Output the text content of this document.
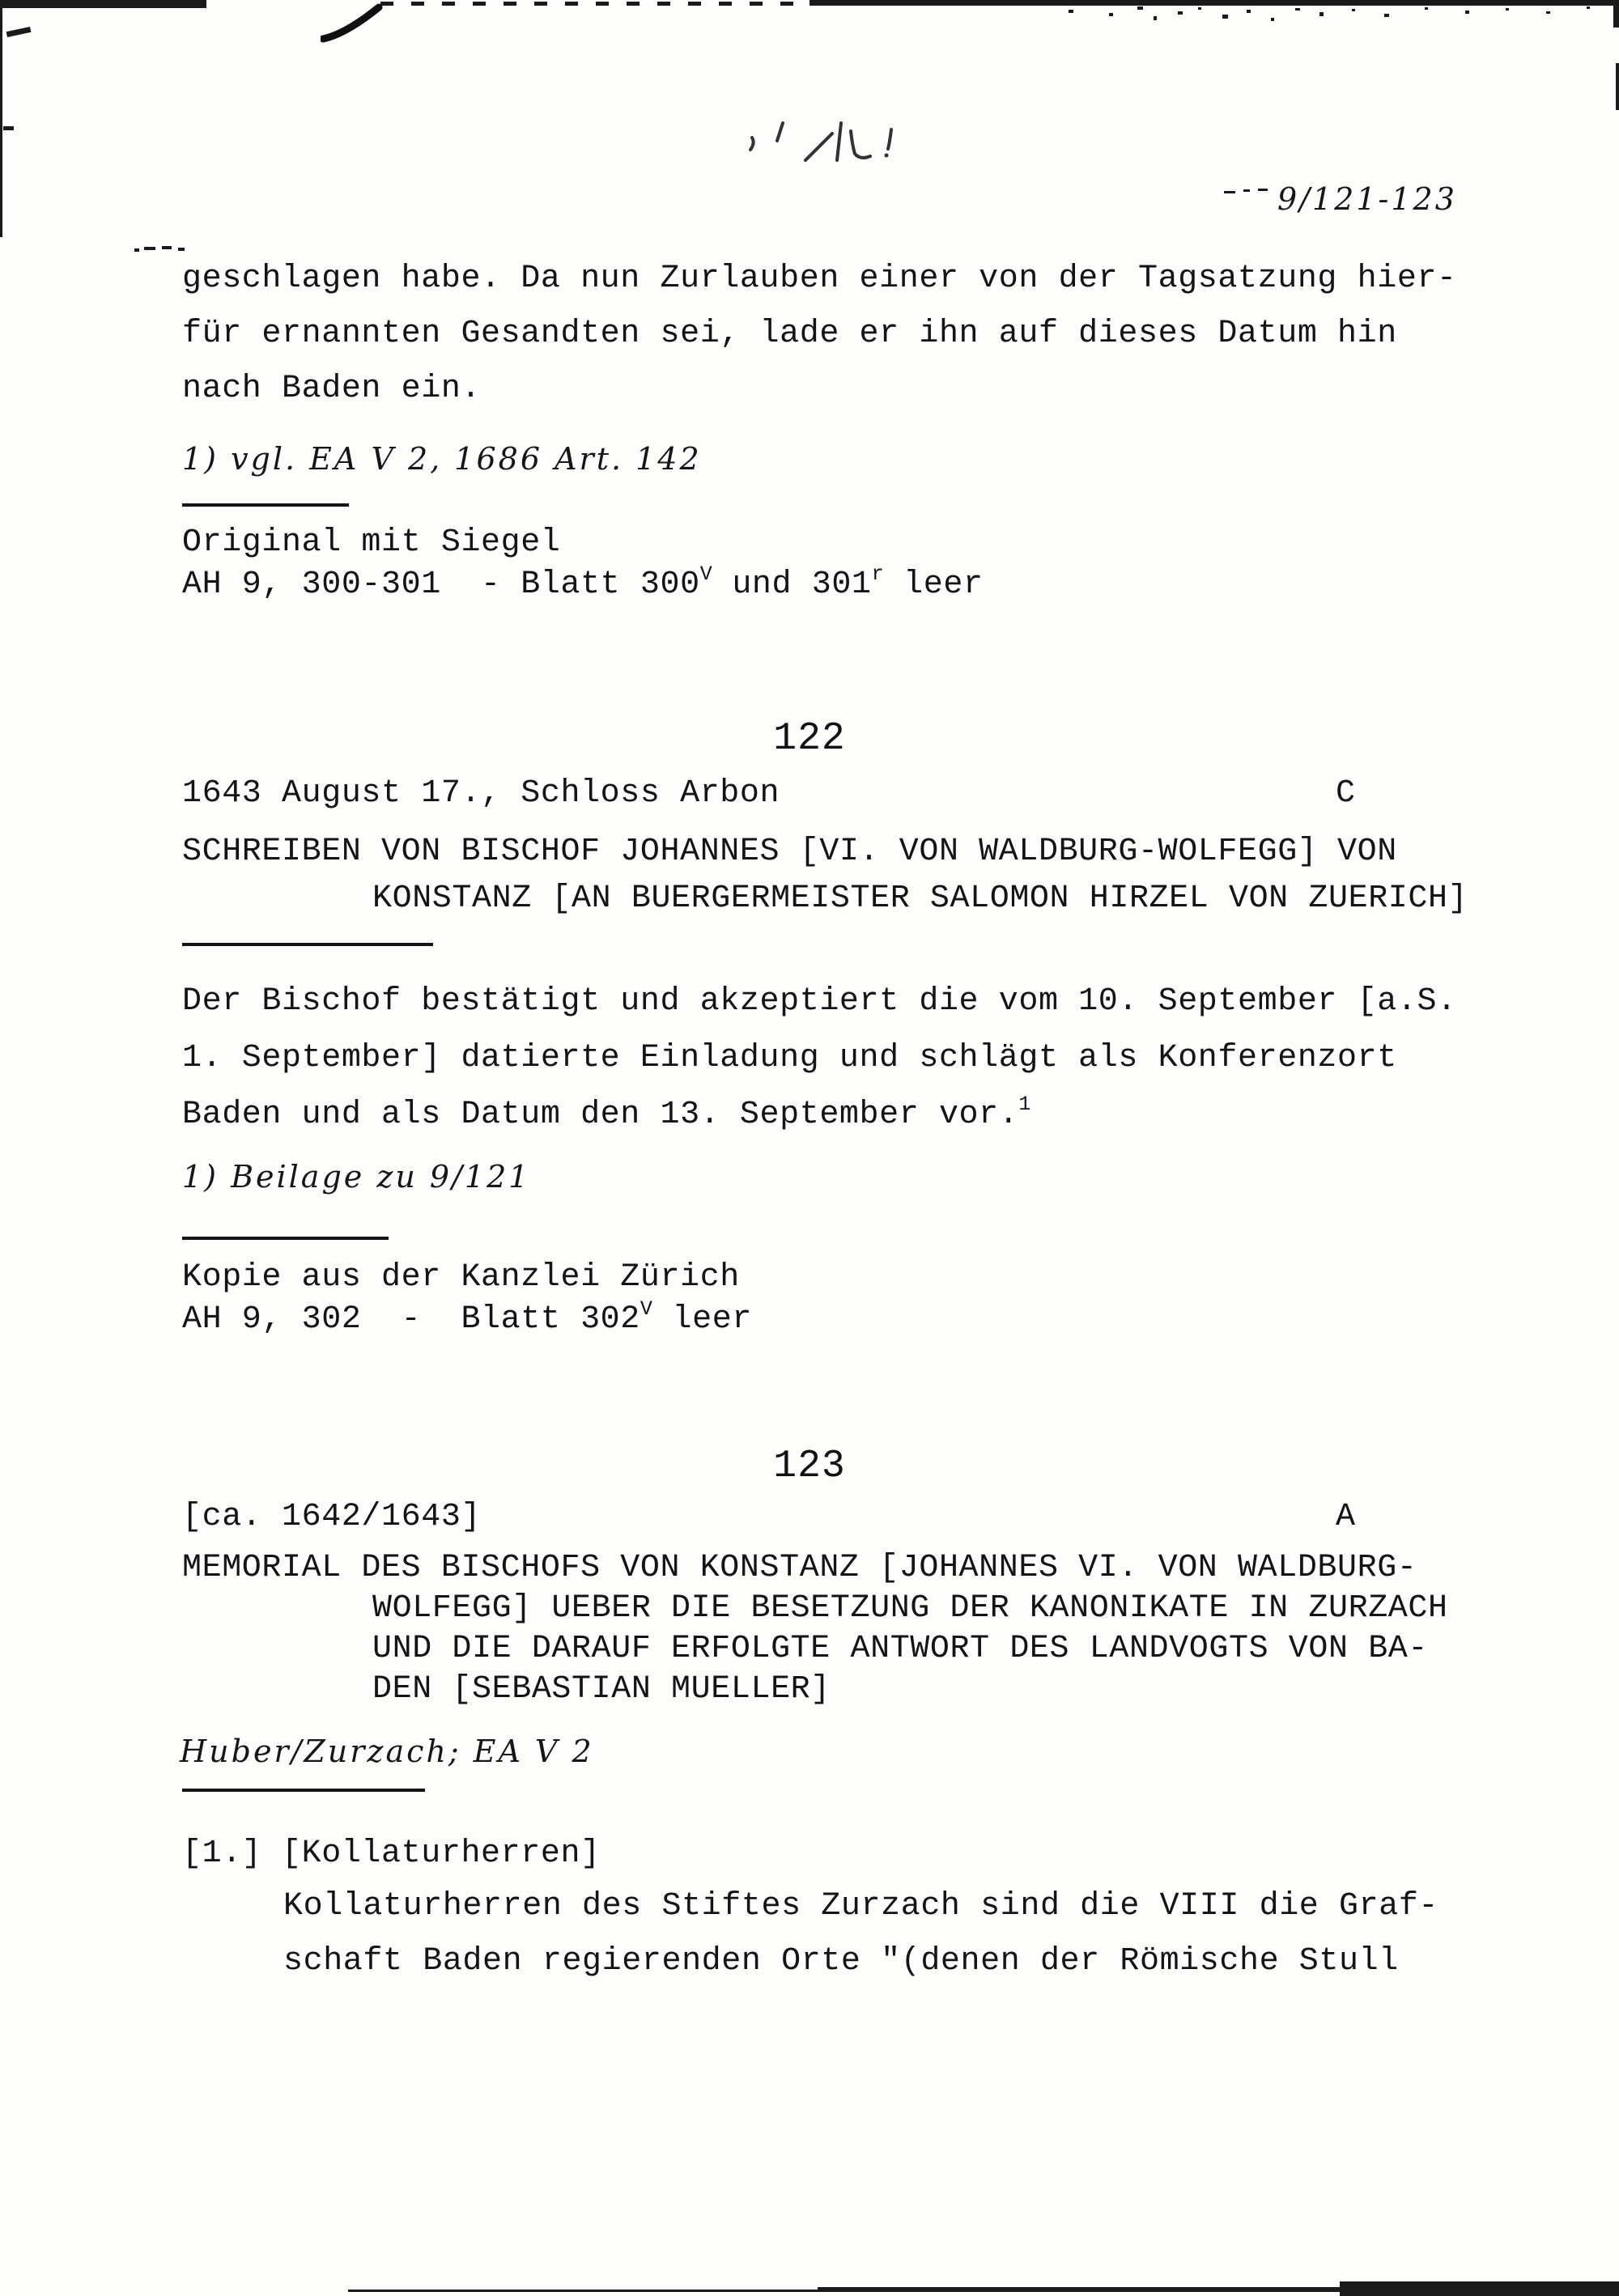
9/121-123
geschlagen habe. Da nun Zurlauben einer von der Tagsatzung hier-
für ernannten Gesandten sei, lade er ihn auf dieses Datum hin
nach Baden ein.
1) vgl. EA V 2, 1686 Art. 142
Original mit Siegel
AH 9, 300-301  - Blatt $300^V$ und 301$^r$ leer
122
1643 August 17., Schloss Arbon	C
SCHREIBEN VON BISCHOF JOHANNES [VI. VON WALDBURG-WOLFEGG] VON
KONSTANZ [AN BUERGERMEISTER SALOMON HIRZEL VON ZUERICH]
Der Bischof bestätigt und akzeptiert die vom 10. September [a.S.
1. September] datierte Einladung und schlägt als Konferenzort
Baden und als Datum den 13. September vor.$^1$
1) Beilage zu 9/121
Kopie aus der Kanzlei Zürich
AH 9, 302  -  Blatt $302^V$ leer
123
[ca. 1642/1643]	A
MEMORIAL DES BISCHOFS VON KONSTANZ [JOHANNES VI. VON WALDBURG-
WOLFEGG] UEBER DIE BESETZUNG DER KANONIKATE IN ZURZACH
UND DIE DARAUF ERFOLGTE ANTWORT DES LANDVOGTS VON BA-
DEN [SEBASTIAN MUELLER]
Huber/Zurzach; EA V 2
[1.] [Kollaturherren]
Kollaturherren des Stiftes Zurzach sind die VIII die Graf-
schaft Baden regierenden Orte "(denen der Römische Stull
